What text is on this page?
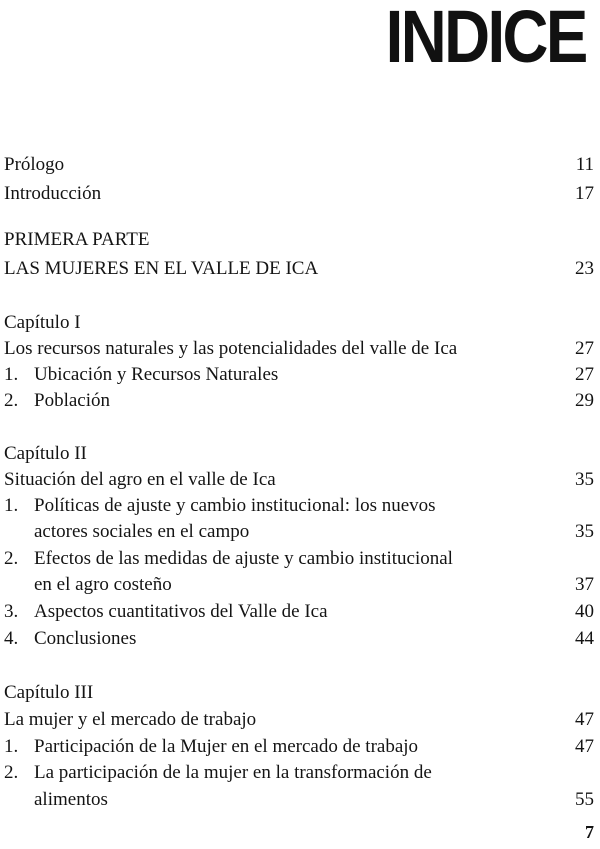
INDICE
Prólogo	11
Introducción	17
PRIMERA PARTE
LAS MUJERES EN EL VALLE DE ICA	23
Capítulo I
Los recursos naturales y las potencialidades del valle de Ica	27
1. Ubicación y Recursos Naturales	27
2. Población	29
Capítulo II
Situación del agro en el valle de Ica	35
1. Políticas de ajuste y cambio institucional: los nuevos
actores sociales en el campo	35
2. Efectos de las medidas de ajuste y cambio institucional
en el agro costeño	37
3. Aspectos cuantitativos del Valle de Ica	40
4. Conclusiones	44
Capítulo III
La mujer y el mercado de trabajo	47
1. Participación de la Mujer en el mercado de trabajo	47
2. La participación de la mujer en la transformación de
alimentos	55
7
